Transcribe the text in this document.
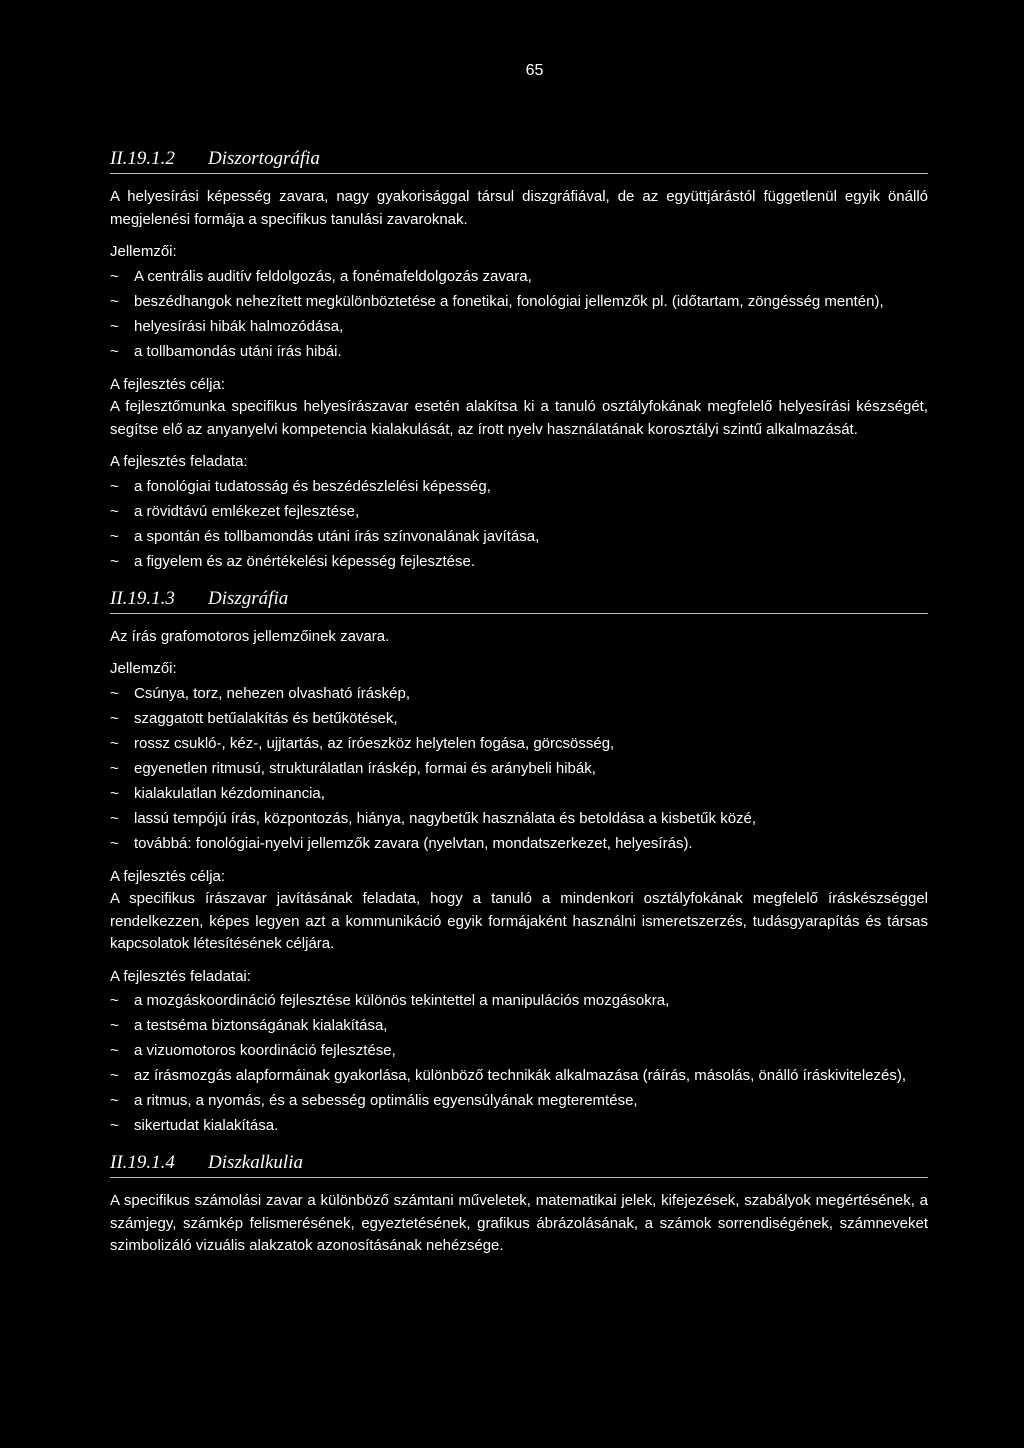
65
II.19.1.2 Diszortográfia

A helyesírási képesség zavara, nagy gyakorisággal társul diszgráfiával, de az együttjárástól függetlenül egyik önálló megjelenési formája a specifikus tanulási zavaroknak.

Jellemzői:

~	A centrális auditív feldolgozás, a fonémafeldolgozás zavara,
~	beszédhangok nehezített megkülönböztetése a fonetikai, fonológiai jellemzők pl. (időtartam, zöngésség mentén),
~	helyesírási hibák halmozódása,
~	a tollbamondás utáni írás hibái.

A fejlesztés célja:

A fejlesztőmunka specifikus helyesírászavar esetén alakítsa ki a tanuló osztályfokának megfelelő helyesírási készségét, segítse elő az anyanyelvi kompetencia kialakulását, az írott nyelv használatának korosztályi szintű alkalmazását.

A fejlesztés feladata:

~	a fonológiai tudatosság és beszédészlelési képesség,
~	a rövidtávú emlékezet fejlesztése,
~	a spontán és tollbamondás utáni írás színvonalának javítása,
~	a figyelem és az önértékelési képesség fejlesztése.
II.19.1.3 Diszgráfia

Az írás grafomotoros jellemzőinek zavara.

Jellemzői:

~	Csúnya, torz, nehezen olvasható íráskép,
~	szaggatott betűalakítás és betűkötések,
~	rossz csukló-, kéz-, ujjtartás, az íróeszköz helytelen fogása, görcsösség,
~	egyenetlen ritmusú, strukturálatlan íráskép, formai és aránybeli hibák,
~	kialakulatlan kézdominancia,
~	lassú tempójú írás, központozás, hiánya, nagybetűk használata és betoldása a kisbetűk közé,
~	továbbá: fonológiai-nyelvi jellemzők zavara (nyelvtan, mondatszerkezet, helyesírás).

A fejlesztés célja:

A specifikus írászavar javításának feladata, hogy a tanuló a mindenkori osztályfokának megfelelő íráskészséggel rendelkezzen, képes legyen azt a kommunikáció egyik formájaként használni ismeretszerzés, tudásgyarapítás és társas kapcsolatok létesítésének céljára.

A fejlesztés feladatai:

~	a mozgáskoordináció fejlesztése különös tekintettel a manipulációs mozgásokra,
~	a testséma biztonságának kialakítása,
~	a vizuomotoros koordináció fejlesztése,
~	az írásmozgás alapformáinak gyakorlása, különböző technikák alkalmazása (ráírás, másolás, önálló íráskivitelezés),
~	a ritmus, a nyomás, és a sebesség optimális egyensúlyának megteremtése,
~	sikertudat kialakítása.
II.19.1.4 Diszkalkulia

A specifikus számolási zavar a különböző számtani műveletek, matematikai jelek, kifejezések, szabályok megértésének, a számjegy, számkép felismerésének, egyeztetésének, grafikus ábrázolásának, a számok sorrendiségének, számneveket szimbolizáló vizuális alakzatok azonosításának nehézsége.
